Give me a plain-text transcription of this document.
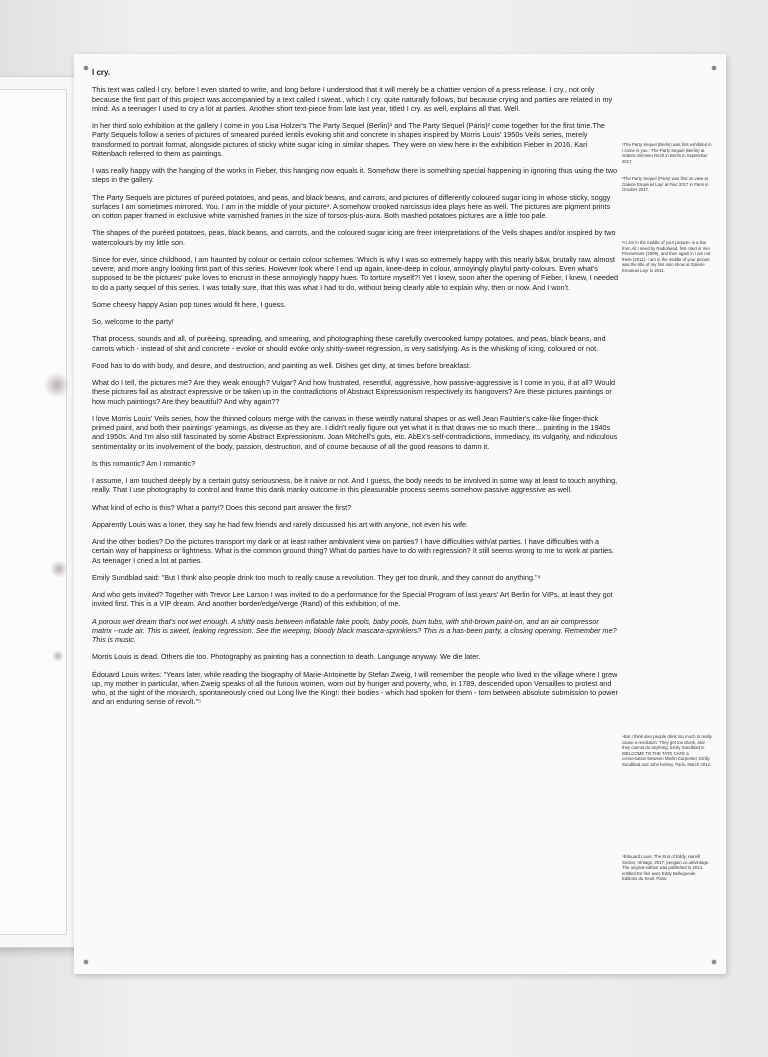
I cry.

This text was called I cry. before I even started to write, and long before I understood that it will merely be a chattier version of a press release. I cry., not only because the first part of this project was accompanied by a text called I sweat., which I cry. quite naturally follows, but because crying and parties are related in my mind. As a teenager I used to cry a lot at parties. Another short text-piece from late last year, titled I cry. as well, explains all that. Well.

In her third solo exhibition at the gallery I come in you Lisa Holzer's The Party Sequel (Berlin)¹ and The Party Sequel (Paris)² come together for the first time.The Party Sequels follow a series of pictures of smeared puréed lentils evoking shit and concrete in shapes inspired by Morris Louis' 1950s Veils series, merely transformed to portrait format, alongside pictures of sticky white sugar icing in similar shapes. They were on view here in the exhibition Fieber in 2016. Kari Rittenbach referred to them as paintings.

I was really happy with the hanging of the works in Fieber, this hanging now equals it. Somehow there is something special happening in ignoring thus using the two steps in the gallery.

The Party Sequels are pictures of puréed potatoes, and peas, and black beans, and carrots, and pictures of differently coloured sugar icing in whose sticky, soggy surfaces I am sometimes mirrored. You. I am in the middle of your picture³. A somehow crooked narcissus idea plays here as well. The pictures are pigment prints on cotton paper framed in exclusive white varnished frames in the size of torsos-plus-aura. Both mashed potatoes pictures are a little too pale.

The shapes of the puréed potatoes, peas, black beans, and carrots, and the coloured sugar icing are freer interpretations of the Veils shapes and/or inspired by two watercolours by my little son.

Since for ever, since childhood, I am haunted by colour or certain colour schemes. Which is why I was so extremely happy with this nearly b&w, brutally raw, almost severe, and more angry looking first part of this series. However look where I end up again, knee-deep in colour, annoyingly playful party-colours. Even what's supposed to be the pictures' puke loves to encrust in these annoyingly happy hues. To torture myself?! Yet I knew, soon after the opening of Fieber, I knew, I needed to do a party sequel of this series. I was totally sure, that this was what I had to do, without being clearly able to explain why, then or now. And I won't.

Some cheesy happy Asian pop tunes would fit here, I guess.

So, welcome to the party!

That process, sounds and all, of puréeing, spreading, and smearing, and photographing these carefully overcooked lumpy potatoes, and peas, black beans, and carrots which - instead of shit and concrete - evoke or should evoke only shitty-sweet regression, is very satisfying. As is the whisking of icing, coloured or not.

Food has to do with body, and desire, and destruction, and painting as well. Dishes get dirty, at times before breakfast.

What do I tell, the pictures me? Are they weak enough? Vulgar? And how frustrated, resentful, aggressive, how passive-aggressive is I come in you, if at all? Would these pictures fail as abstract expressive or be taken up in the contradictions of Abstract Expressionism respectively its hangovers? Are these pictures paintings or how much paintings? Are they beautiful? And why again??

I love Morris Louis' Veils series, how the thinned colours merge with the canvas in these weirdly natural shapes or as well Jean Fautrier's cake-like finger-thick primed paint, and both their paintings' yearnings, as diverse as they are. I didn't really figure out yet what it is that draws me so much there... painting in the 1940s and 1950s. And I'm also still fascinated by some Abstract Expressionism. Joan Mitchell's guts, etc. AbEx's self-contradictions, immediacy, its vulgarity, and ridiculous sentimentality or its involvement of the body, passion, destruction, and of course because of all the good reasons to damn it.

Is this romantic? Am I romantic?

I assume, I am touched deeply by a certain gutsy seriousness, be it naive or not. And I guess, the body needs to be involved in some way at least to touch anything, really. That I use photography to control and frame this dank manky outcome in this pleasurable process seems somehow passive aggressive as well.

What kind of echo is this? What a party!? Does this second part answer the first?

Apparently Louis was a loner, they say he had few friends and rarely discussed his art with anyone, not even his wife.

And the other bodies? Do the pictures transport my dark or at least rather ambivalent view on parties? I have difficulties with/at parties. I have difficulties with a certain way of happiness or lightness. What is the common ground thing? What do parties have to do with regression? It still seems wrong to me to work at parties. As teenager I cried a lot at parties.

Emily Sundblad said: "But I think also people drink too much to really cause a revolution. They get too drunk, and they cannot do anything."⁴

And who gets invited? Together with Trevor Lee Larson I was invited to do a performance for the Special Program of last years' Art Berlin for VIPs, at least they got invited first. This is a VIP dream. And another border/edge/verge (Rand) of this exhibition, of me.

A porous wet dream that's not wet enough. A shitty oasis between inflatable fake pools, baby pools, bum tubs, with shit-brown paint-on, and an air compressor matrix --rude air. This is sweet, leaking regression. See the weeping, bloody black mascara-sprinklers? This is a has-been party, a closing opening. Remember me? This is music.

Morris Louis is dead. Others die too. Photography as painting has a connection to death. Language anyway. We die later.

Édouard Louis writes: "Years later, while reading the biography of Marie-Antoinette by Stefan Zweig, I will remember the people who lived in the village where I grew up, my mother in particular, when Zweig speaks of all the furious women, worn out by hunger and poverty, who, in 1789, descended upon Versailles to protest and who, at the sight of the monarch, spontaneously cried out Long live the King!: their bodies - which had spoken for them - torn between absolute submission to power and an enduring sense of revolt."⁵

¹The Party Sequel (Berlin) was first exhibited in I come in you - The Party Sequel (Berlin) at Galerie Gilmeier Rech in Berlin in September 2017.
²The Party Sequel (Paris) was first on view at Galerie Emanuel Layr at Fiac 2017 in Paris in October 2017.
³«I am in the middle of your picture» is a line from All I need by Radiohead, first cited in Vier Pressetexte (2009), and then again in I am not there (2011). I am in the middle of your picture was the title of my first solo show at Galerie Emanuel Layr in 2011.
⁴But I think also people drink too much to really cause a revolution. They get too drunk, and they cannot do anything. Emily Sundblad in WELCOME TO THE TATE CAFÉ a conversation between Merlin Carpenter, Emily Sundblad and John Kelsey, Paris, March 2012.
⁵Édouard Louis, The End of Eddy, Harvill Secker, Vintage, 2017, penguin.co.uk/vintage. The original edition was published in 2014, entitled En finir avec Eddy Bellegueule, Editions du Seuil, Paris.
